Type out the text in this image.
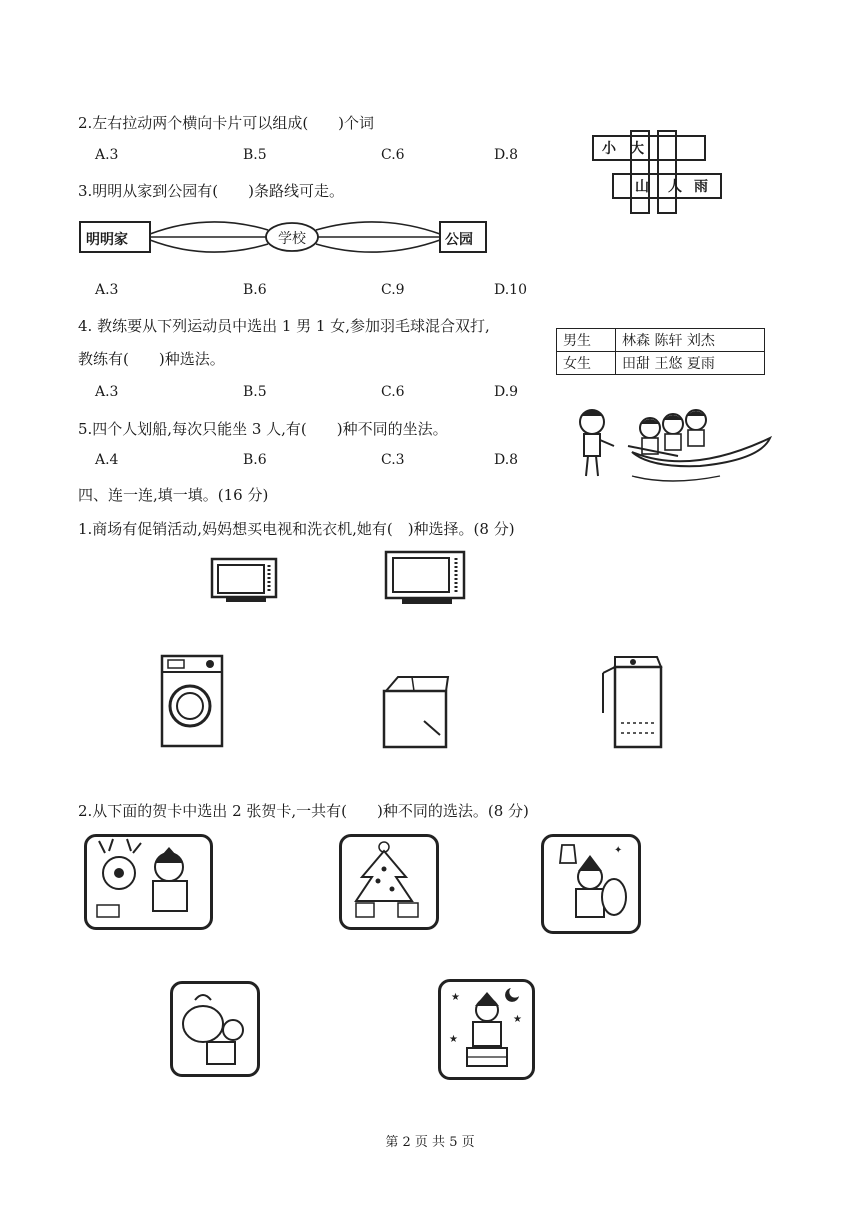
2.左右拉动两个横向卡片可以组成(　　)个词
A.3	B.5	C.6	D.8	小 大
山 人 雨
3.明明从家到公园有(　　)条路线可走。
明明家	学校	公园
A.3	B.6	C.9	D.10
4. 教练要从下列运动员中选出 1 男 1 女,参加羽毛球混合双打,
教练有(　　)种选法。
男生	林森 陈轩 刘杰
女生	田甜 王悠 夏雨
A.3	B.5	C.6	D.9
5.四个人划船,每次只能坐 3 人,有(　　)种不同的坐法。
A.4	B.6	C.3	D.8
四、连一连,填一填。(16 分)
1.商场有促销活动,妈妈想买电视和洗衣机,她有(　)种选择。(8 分)
2.从下面的贺卡中选出 2 张贺卡,一共有(　　)种不同的选法。(8 分)
✦
★
★
★
第 2 页 共 5 页
